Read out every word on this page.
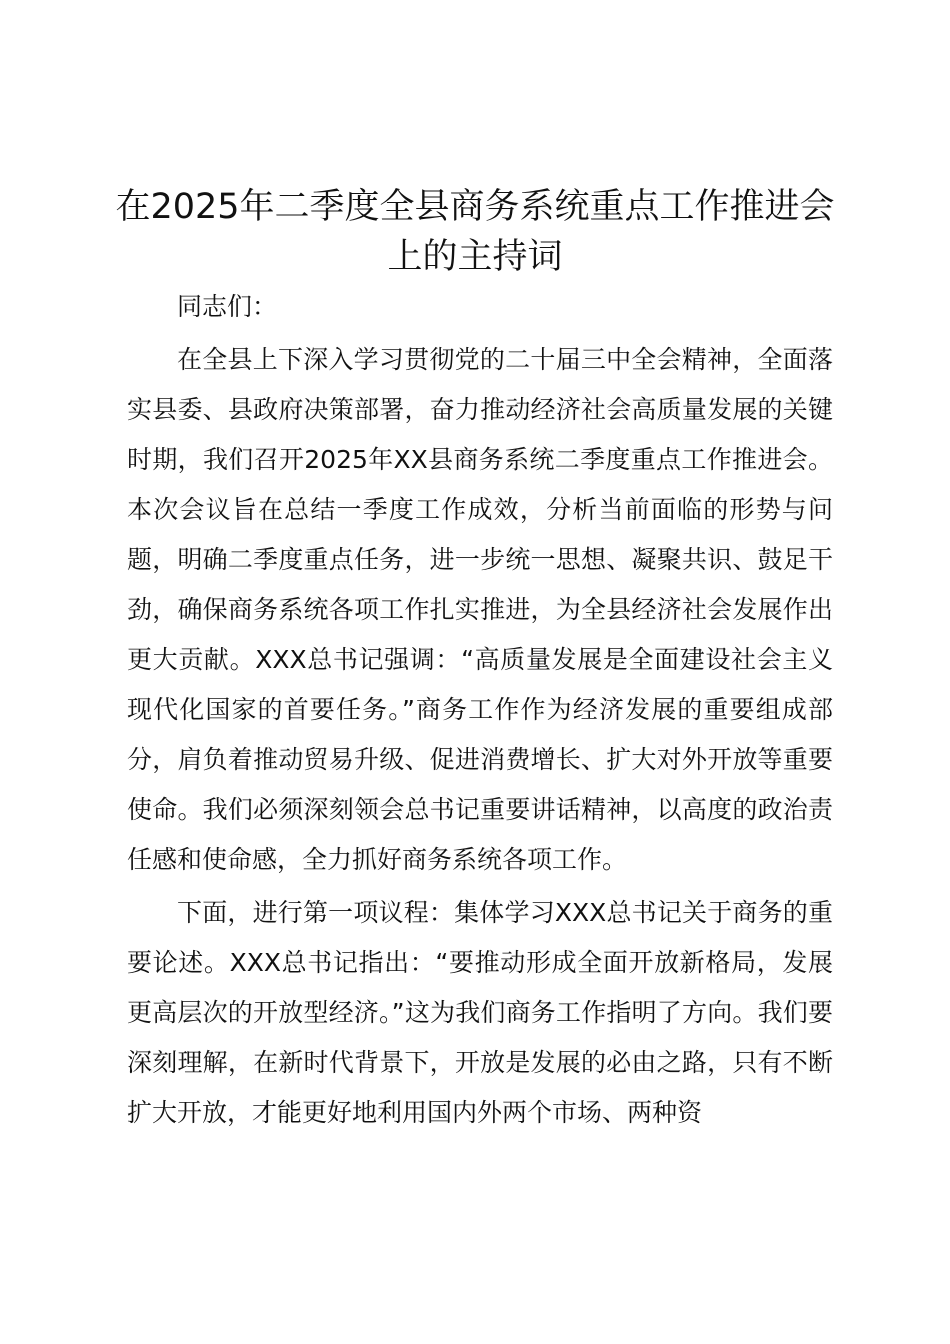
在2025年二季度全县商务系统重点工作推进会上的主持词

同志们：

在全县上下深入学习贯彻党的二十届三中全会精神，全面落实县委、县政府决策部署，奋力推动经济社会高质量发展的关键时期，我们召开2025年XX县商务系统二季度重点工作推进会。本次会议旨在总结一季度工作成效，分析当前面临的形势与问题，明确二季度重点任务，进一步统一思想、凝聚共识、鼓足干劲，确保商务系统各项工作扎实推进，为全县经济社会发展作出更大贡献。XXX总书记强调：“高质量发展是全面建设社会主义现代化国家的首要任务。”商务工作作为经济发展的重要组成部分，肩负着推动贸易升级、促进消费增长、扩大对外开放等重要使命。我们必须深刻领会总书记重要讲话精神，以高度的政治责任感和使命感，全力抓好商务系统各项工作。

下面，进行第一项议程：集体学习XXX总书记关于商务的重要论述。XXX总书记指出：“要推动形成全面开放新格局，发展更高层次的开放型经济。”这为我们商务工作指明了方向。我们要深刻理解，在新时代背景下，开放是发展的必由之路，只有不断扩大开放，才能更好地利用国内外两个市场、两种资
